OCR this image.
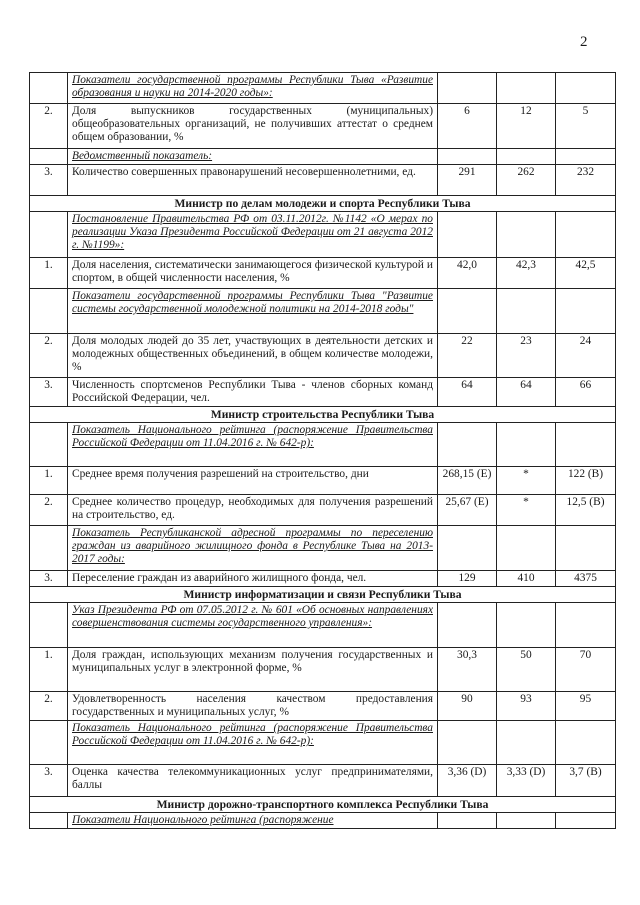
2
	Показатели государственной программы Республики Тыва «Развитие образования и науки на 2014-2020 годы»:			
2.	Доля выпускников государственных (муниципальных) общеобразовательных организаций, не получивших аттестат о среднем общем образовании, %	6	12	5
	Ведомственный показатель:			
3.	Количество совершенных правонарушений несовершеннолетними, ед.	291	262	232
Министр по делам молодежи и спорта Республики Тыва				
	Постановление Правительства РФ от 03.11.2012г. №1142 «О мерах по реализации Указа Президента Российской Федерации от 21 августа 2012 г. №1199»:			
1.	Доля населения, систематически занимающегося физической культурой и спортом, в общей численности населения, %	42,0	42,3	42,5
	Показатели государственной программы Республики Тыва "Развитие системы государственной молодежной политики на 2014-2018 годы"			
2.	Доля молодых людей до 35 лет, участвующих в деятельности детских и молодежных общественных объединений, в общем количестве молодежи, %	22	23	24
3.	Численность спортсменов Республики Тыва - членов сборных команд Российской Федерации, чел.	64	64	66
Министр строительства Республики Тыва				
	Показатель Национального рейтинга (распоряжение Правительства Российской Федерации от 11.04.2016 г. № 642-р):			
1.	Среднее время получения разрешений на строительство, дни	268,15 (E)	*	122 (B)
2.	Среднее количество процедур, необходимых для получения разрешений на строительство, ед.	25,67 (E)	*	12,5 (B)
	Показатель Республиканской адресной программы по переселению граждан из аварийного жилищного фонда в Республике Тыва на 2013-2017 годы:			
3.	Переселение граждан из аварийного жилищного фонда, чел.	129	410	4375
Министр информатизации и связи Республики Тыва				
	Указ Президента РФ от 07.05.2012 г. № 601 «Об основных направлениях совершенствования системы государственного управления»:			
1.	Доля граждан, использующих механизм получения государственных и муниципальных услуг в электронной форме, %	30,3	50	70
2.	Удовлетворенность населения качеством предоставления государственных и муниципальных услуг, %	90	93	95
	Показатель Национального рейтинга (распоряжение Правительства Российской Федерации от 11.04.2016 г. № 642-р):			
3.	Оценка качества телекоммуникационных услуг предпринимателями, баллы	3,36 (D)	3,33 (D)	3,7 (B)
Министр дорожно-транспортного комплекса Республики Тыва				
	Показатели Национального рейтинга (распоряжение			
